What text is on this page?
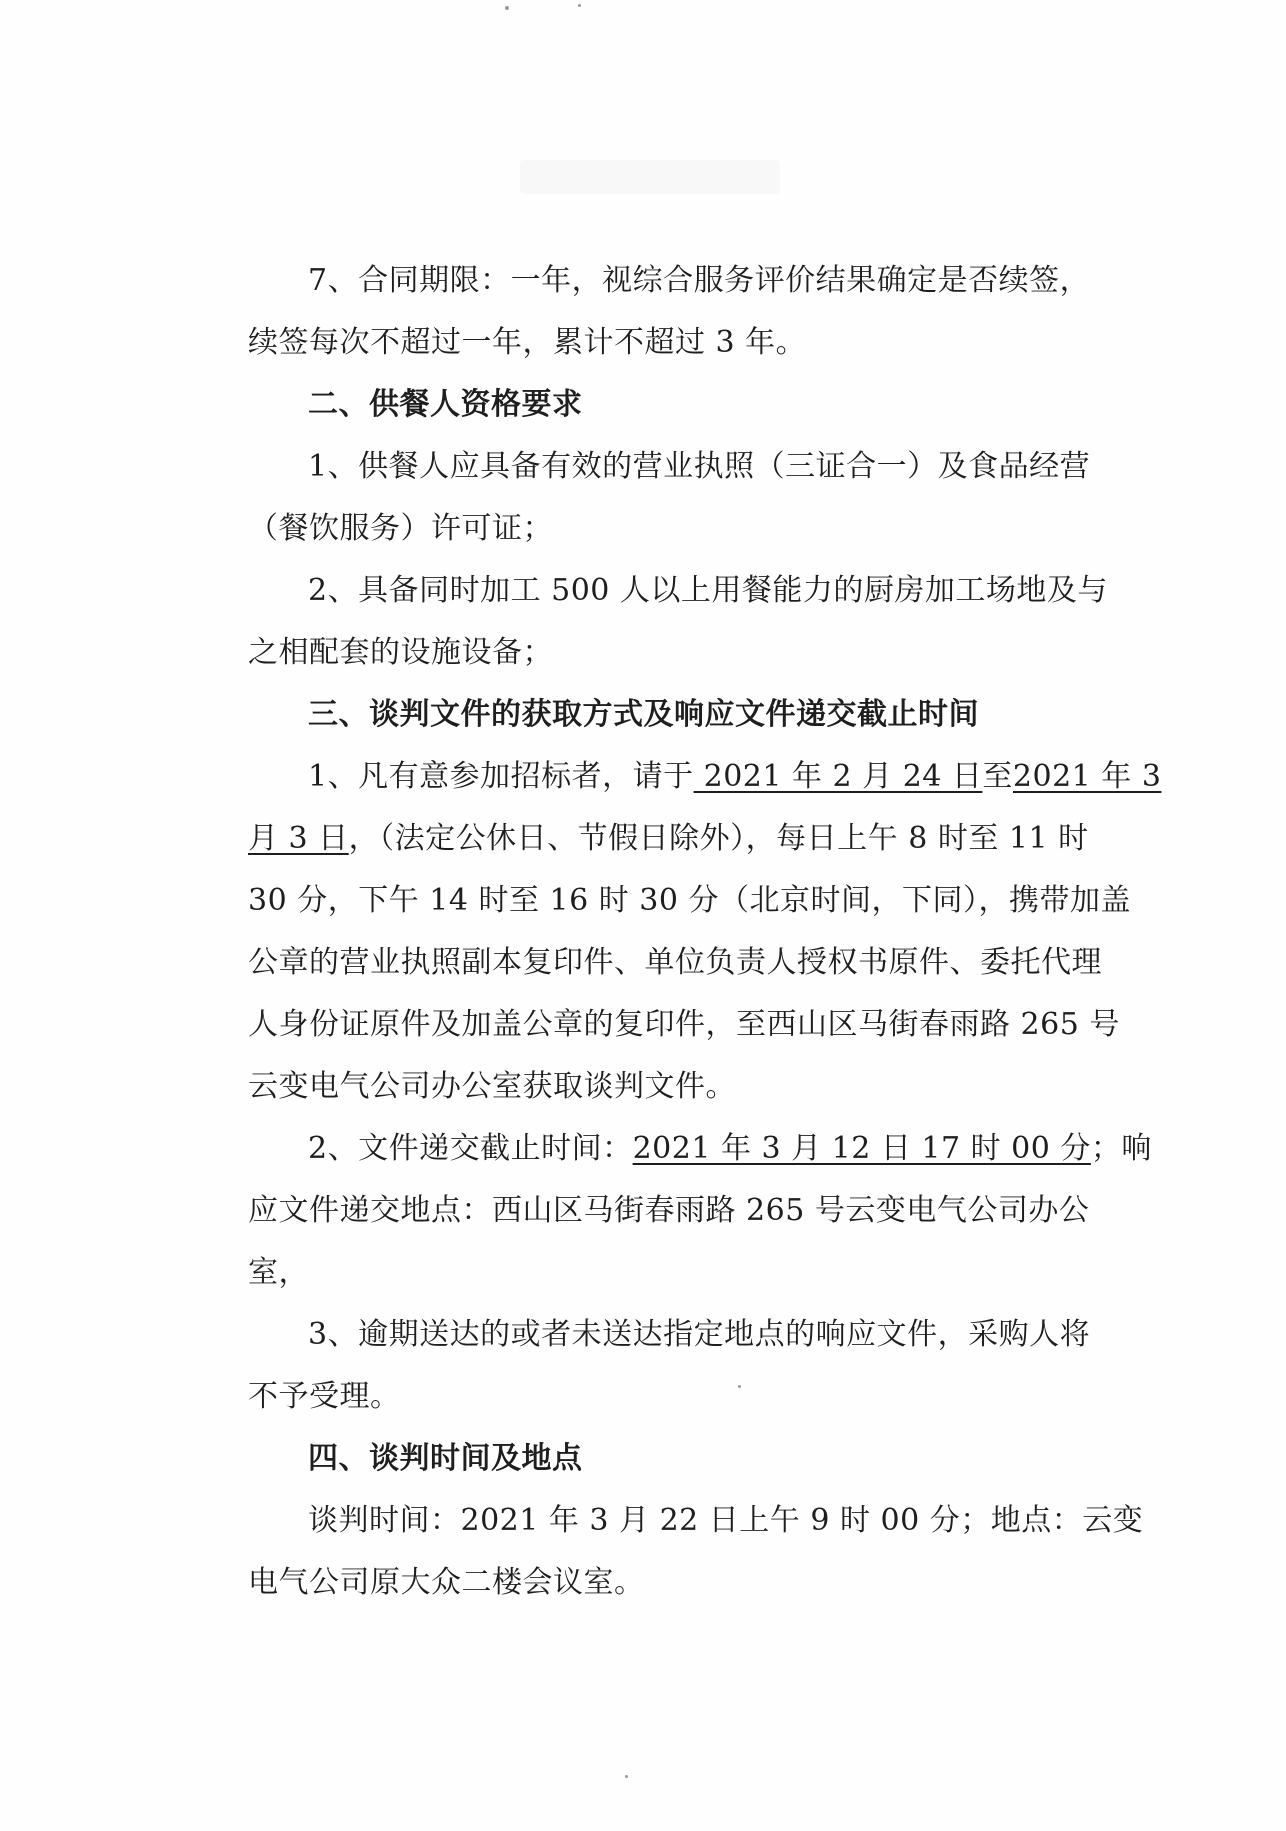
7、合同期限：一年，视综合服务评价结果确定是否续签，

续签每次不超过一年，累计不超过 3 年。

二、供餐人资格要求

1、供餐人应具备有效的营业执照（三证合一）及食品经营

（餐饮服务）许可证；

2、具备同时加工 500 人以上用餐能力的厨房加工场地及与

之相配套的设施设备；

三、谈判文件的获取方式及响应文件递交截止时间

1、凡有意参加招标者，请于 2021 年 2 月 24 日至2021 年 3

月 3 日，（法定公休日、节假日除外），每日上午 8 时至 11 时

30 分，下午 14 时至 16 时 30 分（北京时间，下同），携带加盖

公章的营业执照副本复印件、单位负责人授权书原件、委托代理

人身份证原件及加盖公章的复印件，至西山区马街春雨路 265 号

云变电气公司办公室获取谈判文件。

2、文件递交截止时间：2021 年 3 月 12 日 17 时 00 分；响

应文件递交地点：西山区马街春雨路 265 号云变电气公司办公

室，

3、逾期送达的或者未送达指定地点的响应文件，采购人将

不予受理。

四、谈判时间及地点

谈判时间：2021 年 3 月 22 日上午 9 时 00 分；地点：云变

电气公司原大众二楼会议室。
